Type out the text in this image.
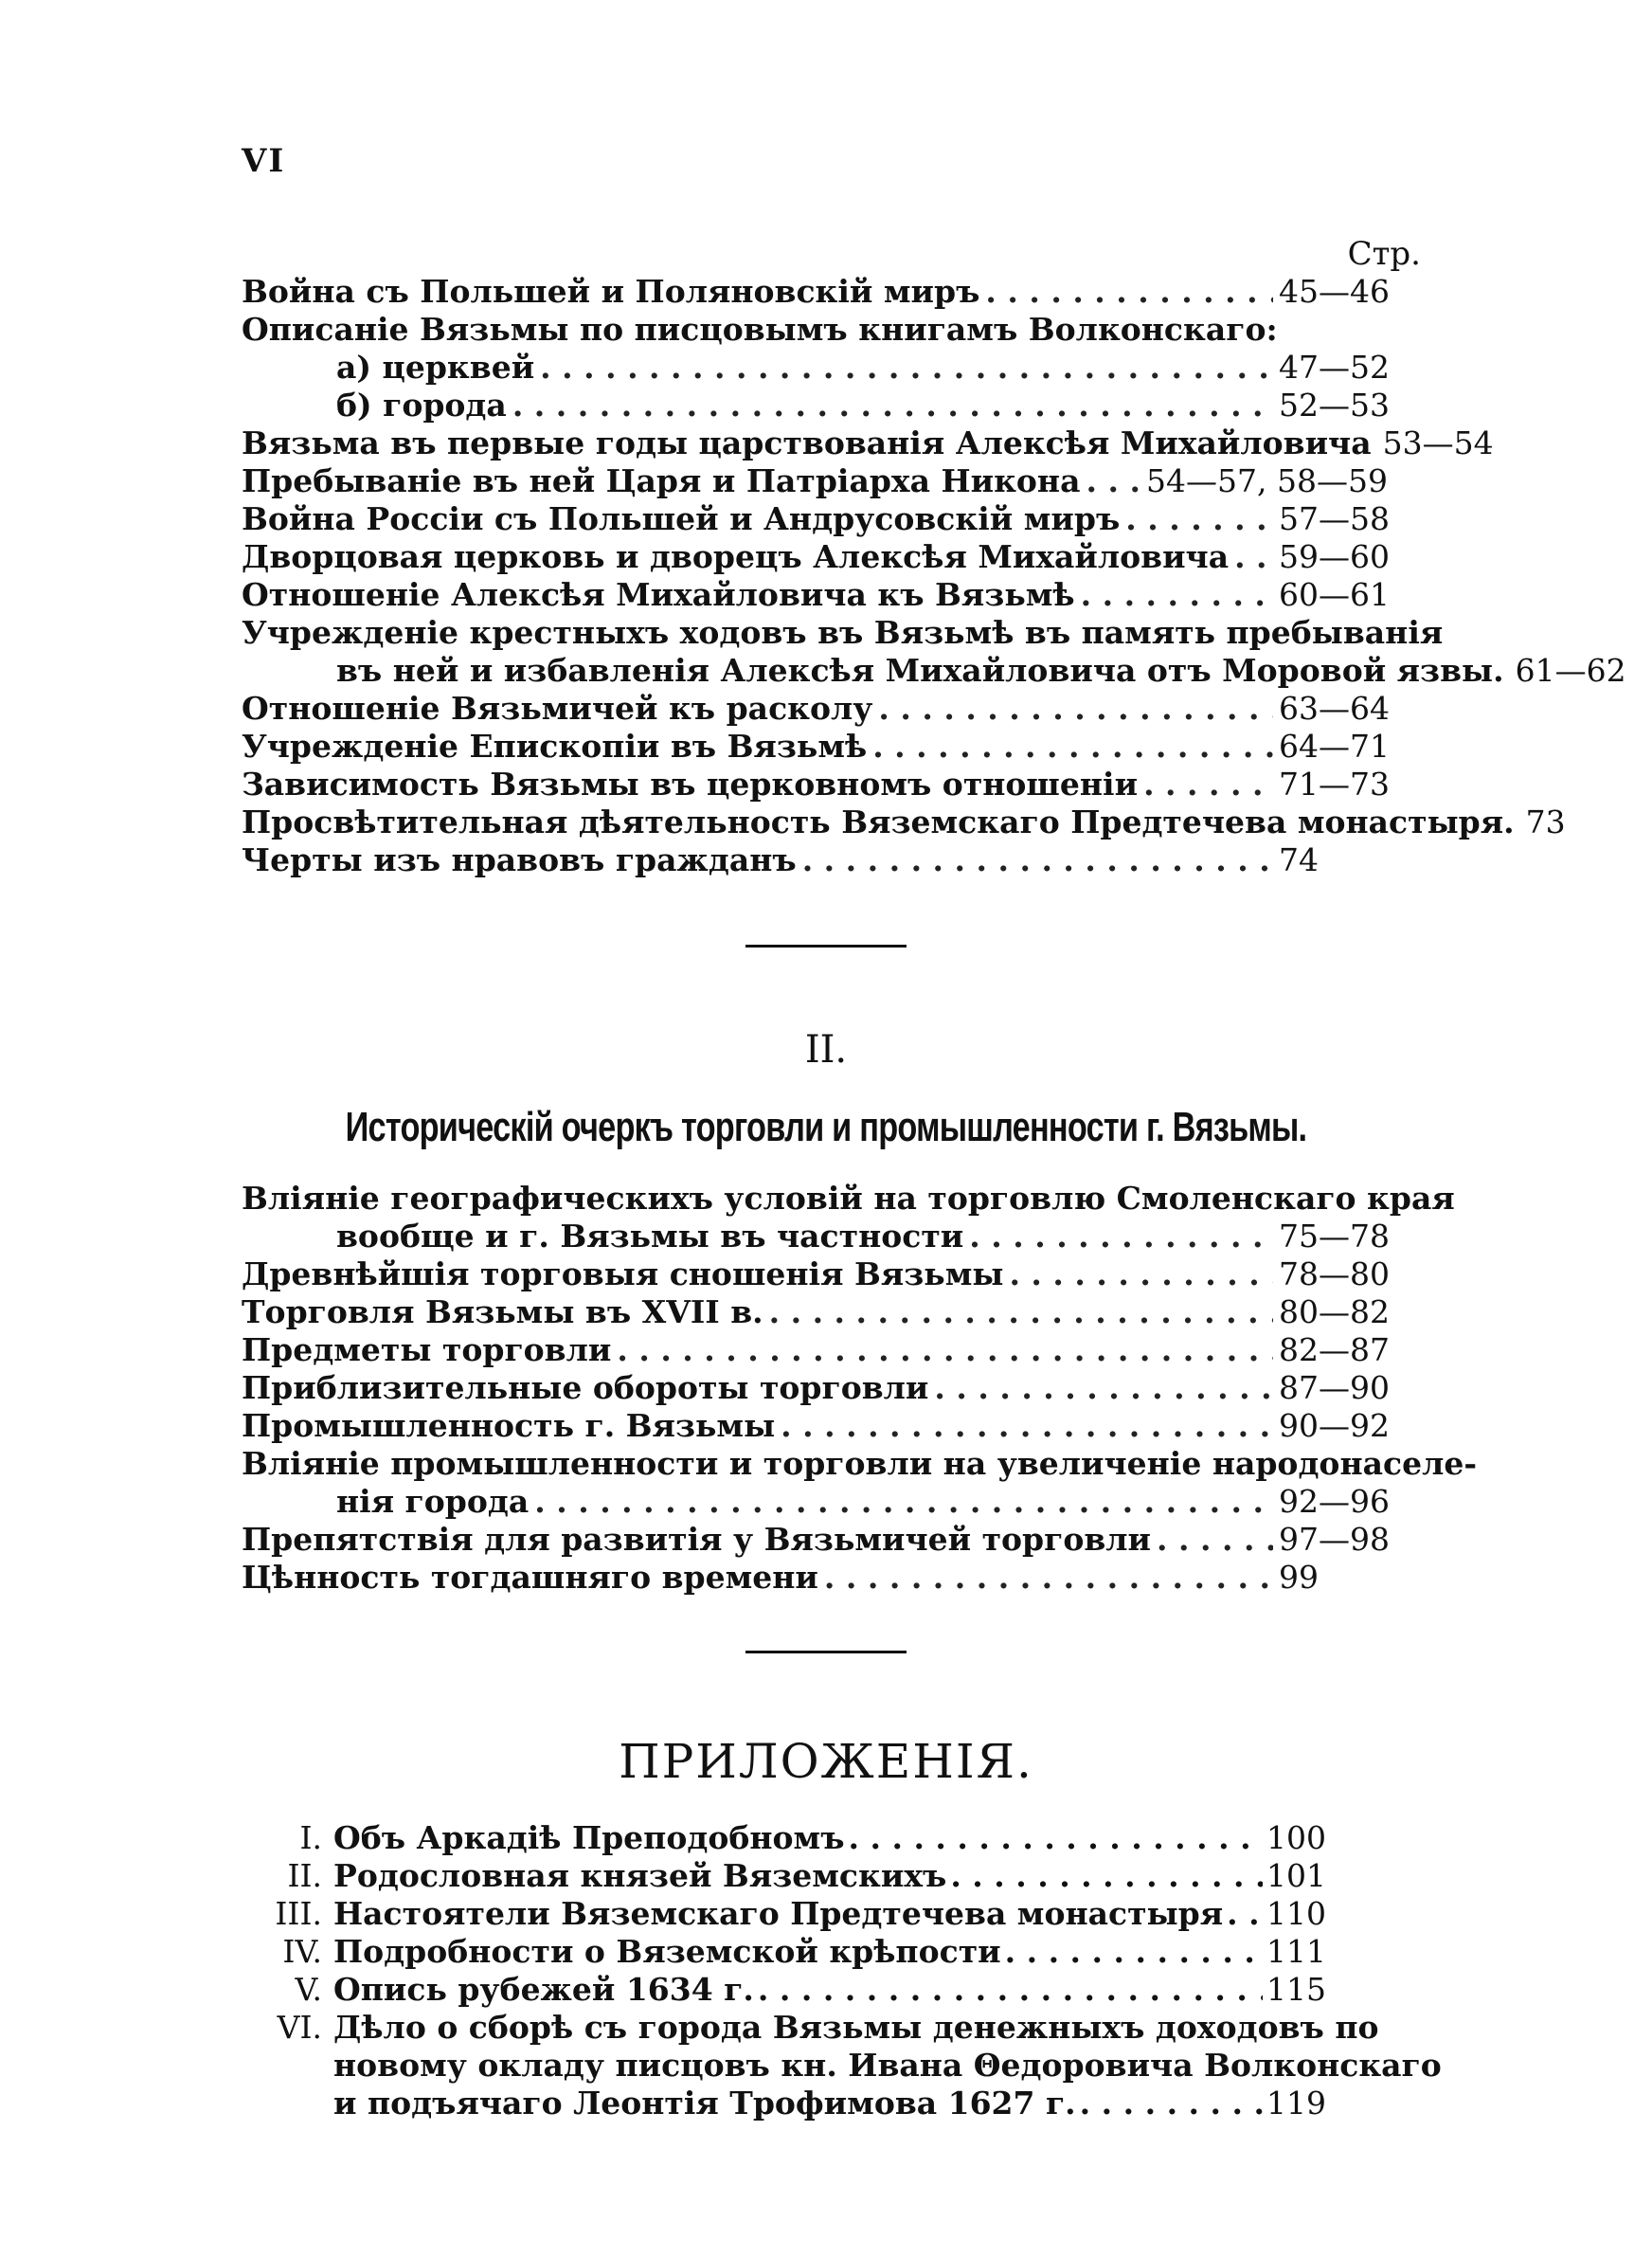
VI
Стр.
Война съ Польшей и Поляновскій миръ . . .	45—46
Описаніе Вязьмы по писцовымъ книгамъ Волконскаго:
а) церквей . . .	47—52
б) города . . .	52—53
Вязьма въ первые годы царствованія Алексѣя Михайловича 53—54
Пребываніе въ ней Царя и Патріарха Никона . . . 54—57, 58—59
Война Россіи съ Польшей и Андрусовскій миръ . . .	57—58
Дворцовая церковь и дворецъ Алексѣя Михайловича . . . 59—60
Отношеніе Алексѣя Михайловича къ Вязьмѣ . . .	60—61
Учрежденіе крестныхъ ходовъ въ Вязьмѣ въ память пребыванія
въ ней и избавленія Алексѣя Михайловича отъ Моровой язвы. 61—62
Отношеніе Вязьмичей къ расколу . . .	63—64
Учрежденіе Епископіи въ Вязьмѣ . . .	64—71
Зависимость Вязьмы въ церковномъ отношеніи . . .	71—73
Просвѣтительная дѣятельность Вяземскаго Предтечева монастыря. 73
Черты изъ нравовъ гражданъ . . .	74
II.
Историческій очеркъ торговли и промышленности г. Вязьмы.
Вліяніе географическихъ условій на торговлю Смоленскаго края
вообще и г. Вязьмы въ частности . . .	75—78
Древнѣйшія торговыя сношенія Вязьмы . . .	78—80
Торговля Вязьмы въ XVII в. . . .	80—82
Предметы торговли . . .	82—87
Приблизительные обороты торговли . . .	87—90
Промышленность г. Вязьмы . . .	90—92
Вліяніе промышленности и торговли на увеличеніе народонаселе-
нія города . . .	92—96
Препятствія для развитія у Вязьмичей торговли . . .	97—98
Цѣнность тогдашняго времени . . .	99
ПРИЛОЖЕНІЯ.
I. Объ Аркадіѣ Преподобномъ . . .	100
II. Родословная князей Вяземскихъ . . .	101
III. Настоятели Вяземскаго Предтечева монастыря . . . 110
IV. Подробности о Вяземской крѣпости . . .	111
V. Опись рубежей 1634 г. . . .	115
VI. Дѣло о сборѣ съ города Вязьмы денежныхъ доходовъ по
новому окладу писцовъ кн. Ивана Θедоровича Волконскаго
и подъячаго Леонтія Трофимова 1627 г. . . .	119
